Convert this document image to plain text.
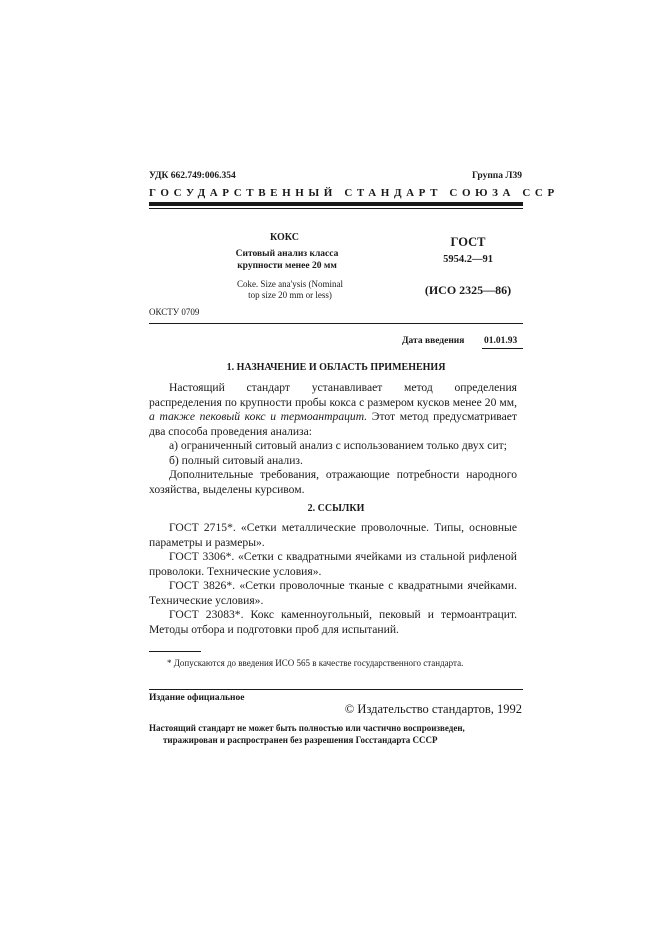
УДК 662.749:006.354	Группа Л39
ГОСУДАРСТВЕННЫЙ СТАНДАРТ СОЮЗА ССР
КОКС
Ситовый анализ класса
крупности менее 20 мм
Coke. Size ana'ysis (Nominal
top size 20 mm or less)
ГОСТ
5954.2—91
(ИСО 2325—86)
ОКСТУ 0709
Дата введения 01.01.93
1. НАЗНАЧЕНИЕ И ОБЛАСТЬ ПРИМЕНЕНИЯ

Настоящий стандарт устанавливает метод определения распределения по крупности пробы кокса с размером кусков менее 20 мм, а также пековый кокс и термоантрацит. Этот метод предусматривает два способа проведения анализа:

а) ограниченный ситовый анализ с использованием только двух сит;

б) полный ситовый анализ.

Дополнительные требования, отражающие потребности народного хозяйства, выделены курсивом.

2. ССЫЛКИ

ГОСТ 2715*. «Сетки металлические проволочные. Типы, основные параметры и размеры».

ГОСТ 3306*. «Сетки с квадратными ячейками из стальной рифленой проволоки. Технические условия».

ГОСТ 3826*. «Сетки проволочные тканые с квадратными ячейками. Технические условия».

ГОСТ 23083*. Кокс каменноугольный, пековый и термоантрацит. Методы отбора и подготовки проб для испытаний.

* Допускаются до введения ИСО 565 в качестве государственного стандарта.
Издание официальное
© Издательство стандартов, 1992
Настоящий стандарт не может быть полностью или частично воспроизведен,
тиражирован и распространен без разрешения Госстандарта СССР
